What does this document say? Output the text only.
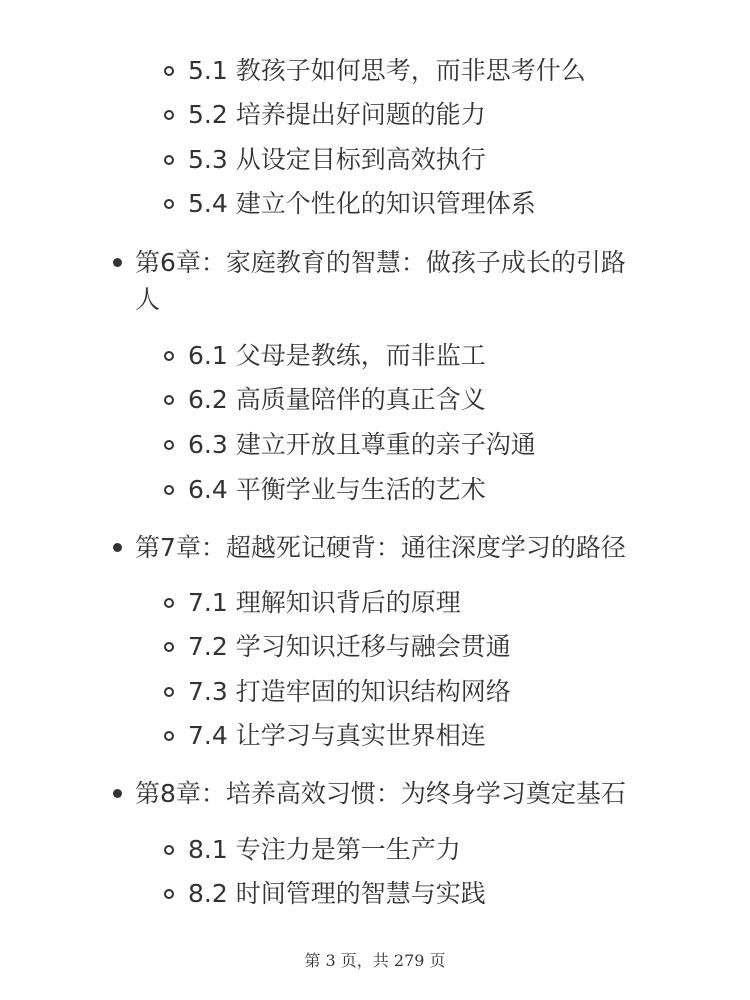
5.1 教孩子如何思考，而非思考什么
5.2 培养提出好问题的能力
5.3 从设定目标到高效执行
5.4 建立个性化的知识管理体系
第6章：家庭教育的智慧：做孩子成长的引路
人
6.1 父母是教练，而非监工
6.2 高质量陪伴的真正含义
6.3 建立开放且尊重的亲子沟通
6.4 平衡学业与生活的艺术
第7章：超越死记硬背：通往深度学习的路径
7.1 理解知识背后的原理
7.2 学习知识迁移与融会贯通
7.3 打造牢固的知识结构网络
7.4 让学习与真实世界相连
第8章：培养高效习惯：为终身学习奠定基石
8.1 专注力是第一生产力
8.2 时间管理的智慧与实践
第 3 页，共 279 页
